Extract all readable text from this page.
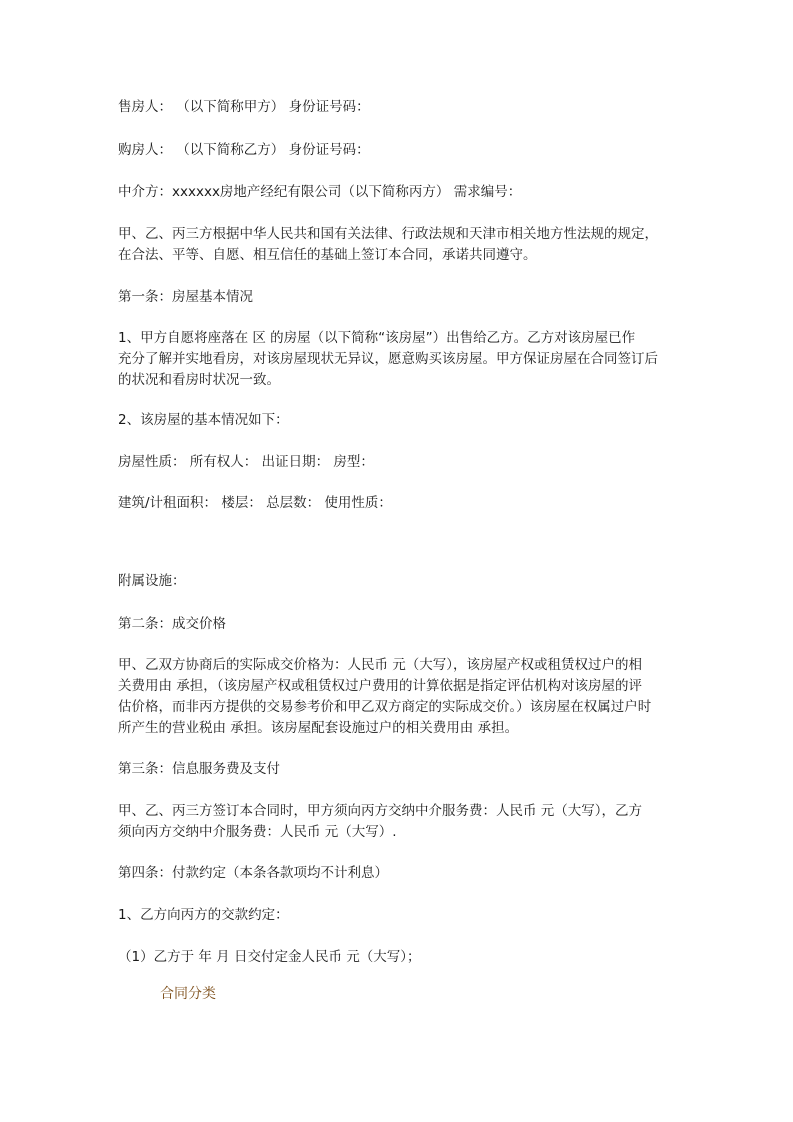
售房人： （以下简称甲方） 身份证号码：

购房人： （以下简称乙方） 身份证号码：

中介方：xxxxxx房地产经纪有限公司（以下简称丙方） 需求编号：

甲、乙、丙三方根据中华人民共和国有关法律、行政法规和天津市相关地方性法规的规定，

在合法、平等、自愿、相互信任的基础上签订本合同，承诺共同遵守。

第一条：房屋基本情况

1、甲方自愿将座落在 区 的房屋（以下简称“该房屋”）出售给乙方。乙方对该房屋已作

充分了解并实地看房，对该房屋现状无异议，愿意购买该房屋。甲方保证房屋在合同签订后

的状况和看房时状况一致。

2、该房屋的基本情况如下：

房屋性质： 所有权人： 出证日期： 房型：

建筑/计租面积： 楼层： 总层数： 使用性质：

附属设施：

第二条：成交价格

甲、乙双方协商后的实际成交价格为：人民币 元（大写），该房屋产权或租赁权过户的相

关费用由 承担，（该房屋产权或租赁权过户费用的计算依据是指定评估机构对该房屋的评

估价格，而非丙方提供的交易参考价和甲乙双方商定的实际成交价。）该房屋在权属过户时

所产生的营业税由 承担。该房屋配套设施过户的相关费用由 承担。

第三条：信息服务费及支付

甲、乙、丙三方签订本合同时，甲方须向丙方交纳中介服务费：人民币 元（大写），乙方

须向丙方交纳中介服务费：人民币 元（大写）.

第四条：付款约定（本条各款项均不计利息）

1、乙方向丙方的交款约定：

（1）乙方于 年 月 日交付定金人民币 元（大写）；

合同分类
